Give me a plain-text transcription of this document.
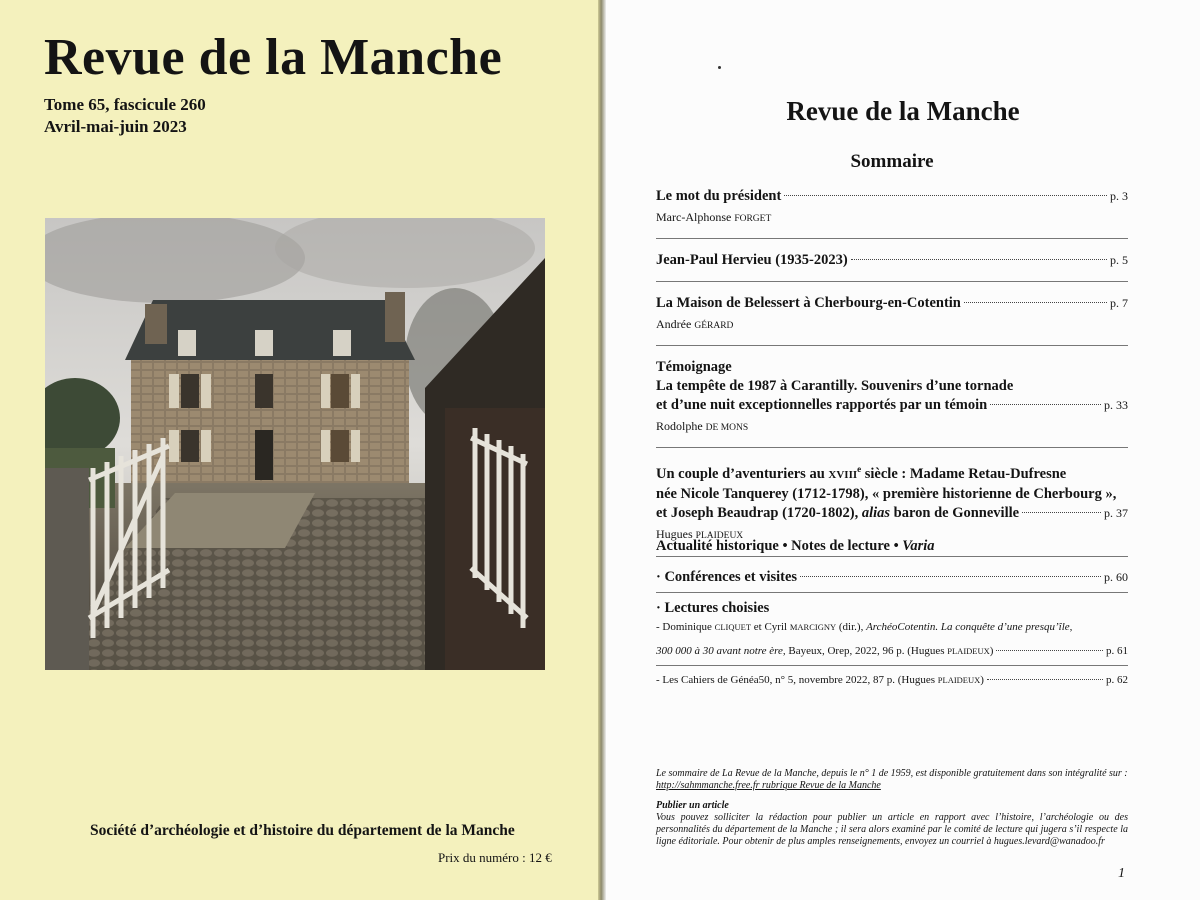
Revue de la Manche
Tome 65, fascicule 260
Avril-mai-juin 2023
Société d’archéologie et d’histoire du département de la Manche
Prix du numéro : 12 €
Revue de la Manche
Sommaire
Le mot du président	p. 3
Marc-Alphonse FORGET
Jean-Paul Hervieu (1935-2023)	p. 5
La Maison de Belessert à Cherbourg-en-Cotentin	p. 7
Andrée GÉRARD
Témoignage
La tempête de 1987 à Carantilly. Souvenirs d’une tornade
et d’une nuit exceptionnelles rapportés par un témoin	p. 33
Rodolphe DE MONS
Un couple d’aventuriers au XVIIIe siècle : Madame Retau-Dufresne
née Nicole Tanquerey (1712-1798), « première historienne de Cherbourg »,
et Joseph Beaudrap (1720-1802), alias baron de Gonneville	p. 37
Hugues PLAIDEUX
Actualité historique • Notes de lecture • Varia
· Conférences et visites	p. 60
· Lectures choisies
- Dominique CLIQUET et Cyril MARCIGNY (dir.), ArchéoCotentin. La conquête d’une presqu’île,
300 000 à 30 avant notre ère, Bayeux, Orep, 2022, 96 p. (Hugues PLAIDEUX)	p. 61
- Les Cahiers de Généa50, n° 5, novembre 2022, 87 p. (Hugues PLAIDEUX)	p. 62
Le sommaire de La Revue de la Manche, depuis le n° 1 de 1959, est disponible gratuitement dans son intégralité sur :
http://sahmmanche.free.fr rubrique Revue de la Manche
Publier un article
Vous pouvez solliciter la rédaction pour publier un article en rapport avec l’histoire, l’archéologie ou des personnalités du département de la Manche ; il sera alors examiné par le comité de lecture qui jugera s’il respecte la ligne éditoriale. Pour obtenir de plus amples renseignements, envoyez un courriel à hugues.levard@wanadoo.fr
1
